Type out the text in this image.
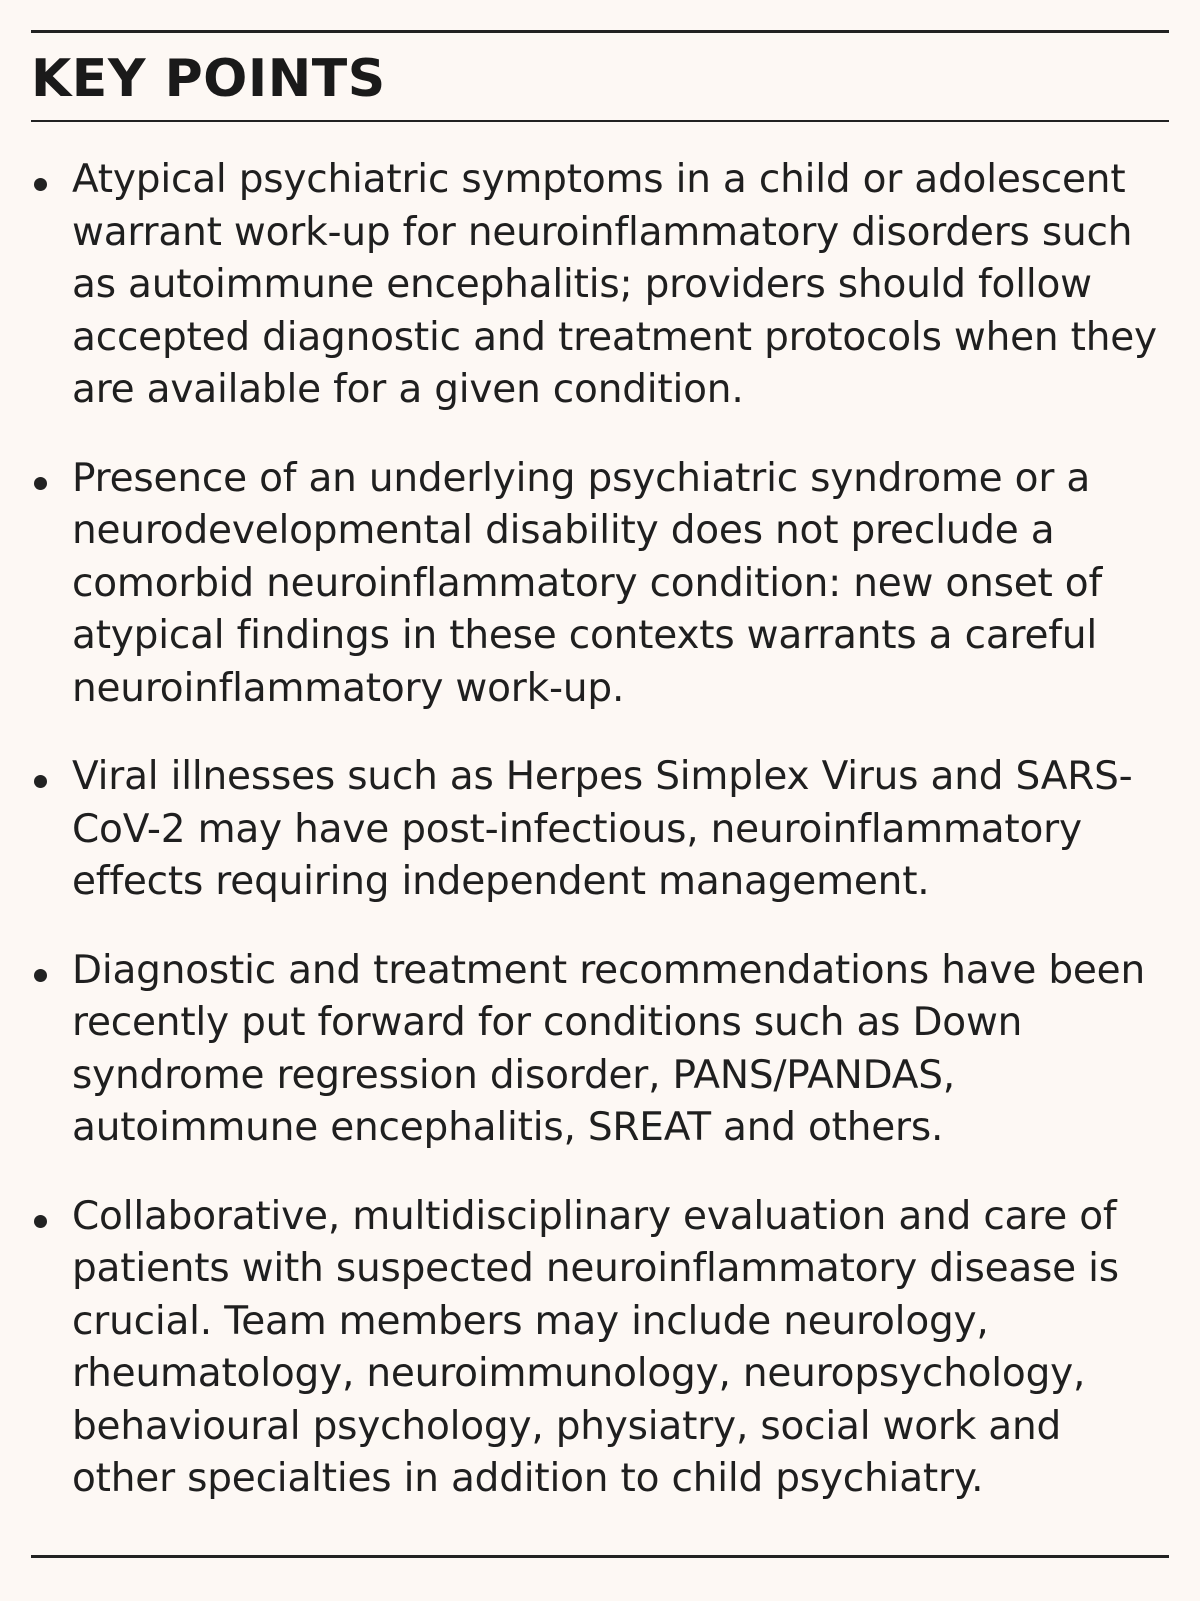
KEY POINTS
Atypical psychiatric symptoms in a child or adolescent warrant work-up for neuroinflammatory disorders such as autoimmune encephalitis; providers should follow accepted diagnostic and treatment protocols when they are available for a given condition.
Presence of an underlying psychiatric syndrome or a neurodevelopmental disability does not preclude a comorbid neuroinflammatory condition: new onset of atypical findings in these contexts warrants a careful neuroinflammatory work-up.
Viral illnesses such as Herpes Simplex Virus and SARS-CoV-2 may have post-infectious, neuroinflammatory effects requiring independent management.
Diagnostic and treatment recommendations have been recently put forward for conditions such as Down syndrome regression disorder, PANS/PANDAS, autoimmune encephalitis, SREAT and others.
Collaborative, multidisciplinary evaluation and care of patients with suspected neuroinflammatory disease is crucial. Team members may include neurology, rheumatology, neuroimmunology, neuropsychology, behavioural psychology, physiatry, social work and other specialties in addition to child psychiatry.
